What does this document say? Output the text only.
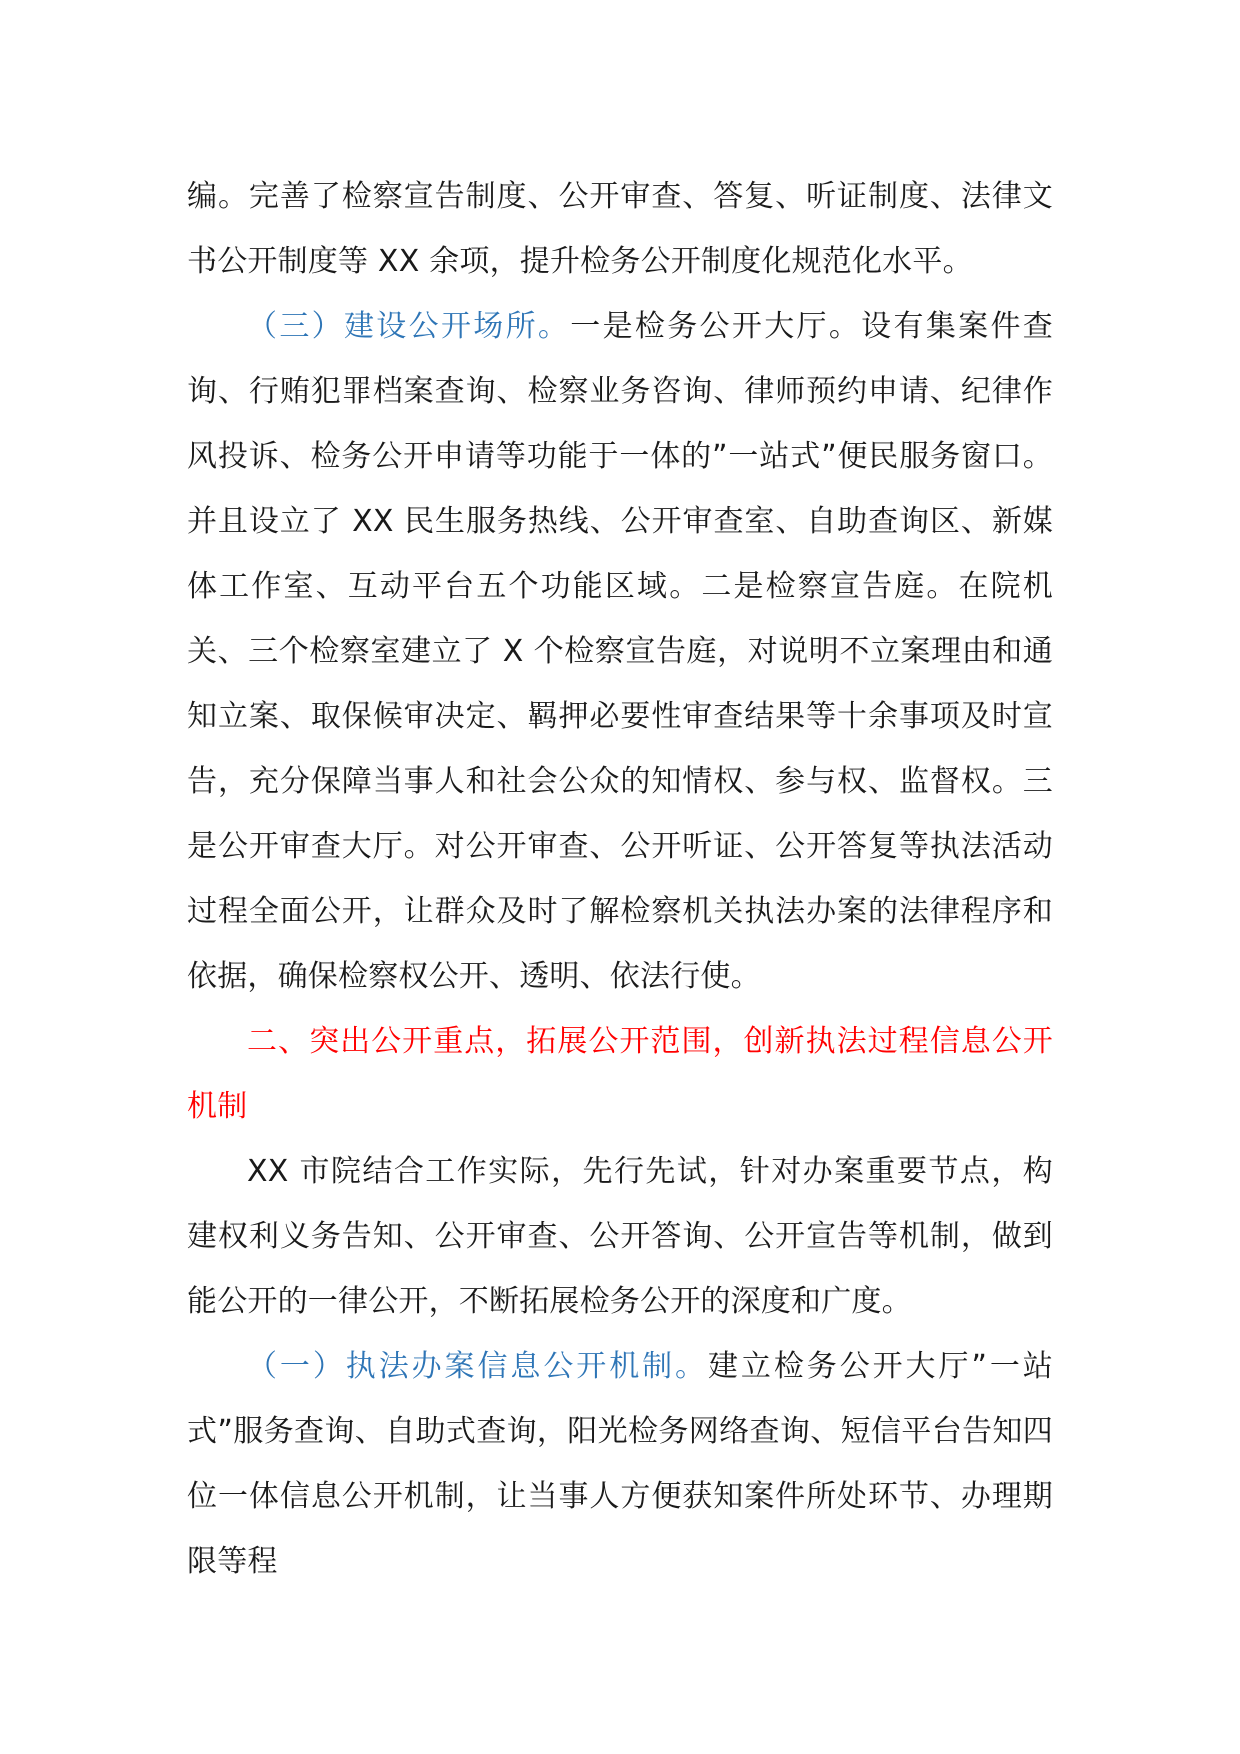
编。完善了检察宣告制度、公开审查、答复、听证制度、法律文书公开制度等 XX 余项，提升检务公开制度化规范化水平。

（三）建设公开场所。一是检务公开大厅。设有集案件查询、行贿犯罪档案查询、检察业务咨询、律师预约申请、纪律作风投诉、检务公开申请等功能于一体的”一站式”便民服务窗口。并且设立了 XX 民生服务热线、公开审查室、自助查询区、新媒体工作室、互动平台五个功能区域。二是检察宣告庭。在院机关、三个检察室建立了 X 个检察宣告庭，对说明不立案理由和通知立案、取保候审决定、羁押必要性审查结果等十余事项及时宣告，充分保障当事人和社会公众的知情权、参与权、监督权。三是公开审查大厅。对公开审查、公开听证、公开答复等执法活动过程全面公开，让群众及时了解检察机关执法办案的法律程序和依据，确保检察权公开、透明、依法行使。

二、突出公开重点，拓展公开范围，创新执法过程信息公开机制

XX 市院结合工作实际，先行先试，针对办案重要节点，构建权利义务告知、公开审查、公开答询、公开宣告等机制，做到能公开的一律公开，不断拓展检务公开的深度和广度。

（一）执法办案信息公开机制。建立检务公开大厅”一站式”服务查询、自助式查询，阳光检务网络查询、短信平台告知四位一体信息公开机制，让当事人方便获知案件所处环节、办理期限等程
